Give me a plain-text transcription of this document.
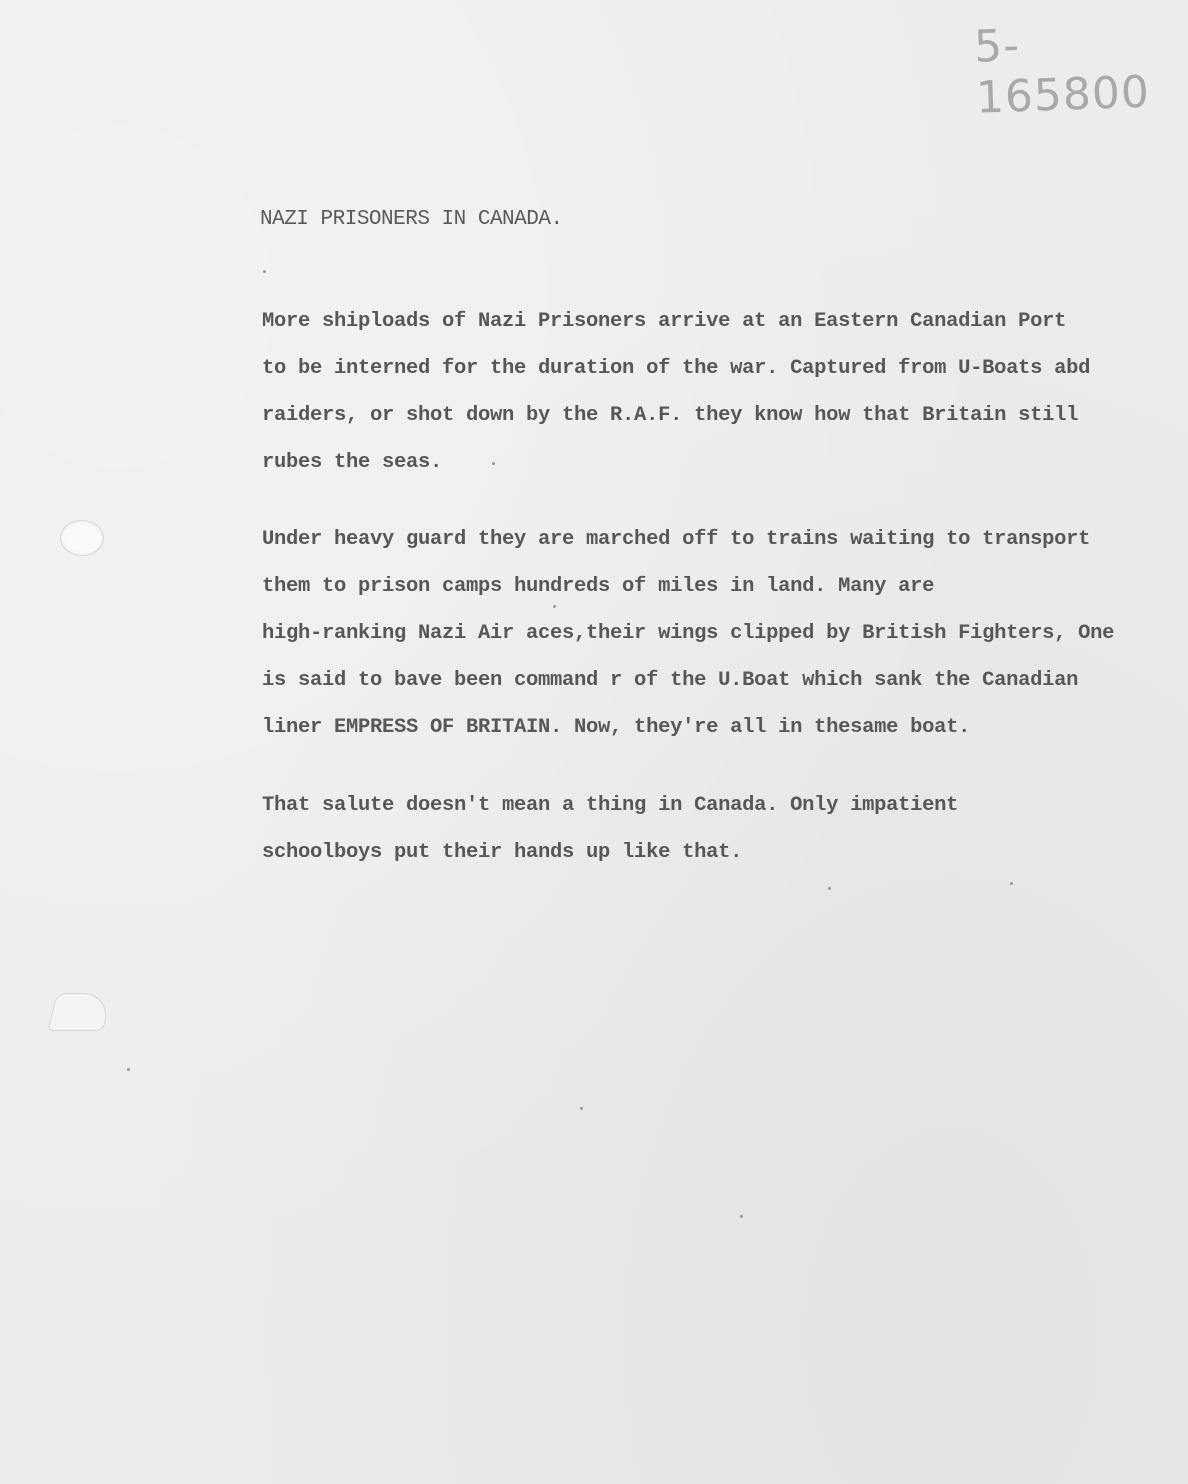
5-165800
NAZI PRISONERS IN CANADA.
More shiploads of Nazi Prisoners arrive at an Eastern Canadian Port
to be interned for the duration of the war. Captured from U-Boats abd
raiders, or shot down by the R.A.F. they know how that Britain still
rubes the seas.
Under heavy guard they are marched off to trains waiting to transport
them to prison camps hundreds of miles in land. Many are
high-ranking Nazi Air aces,their wings clipped by British Fighters, One
is said to bave been command r of the U.Boat which sank the Canadian
liner EMPRESS OF BRITAIN. Now, they're all in thesame boat.
That salute doesn't mean a thing in Canada. Only impatient
schoolboys put their hands up like that.
